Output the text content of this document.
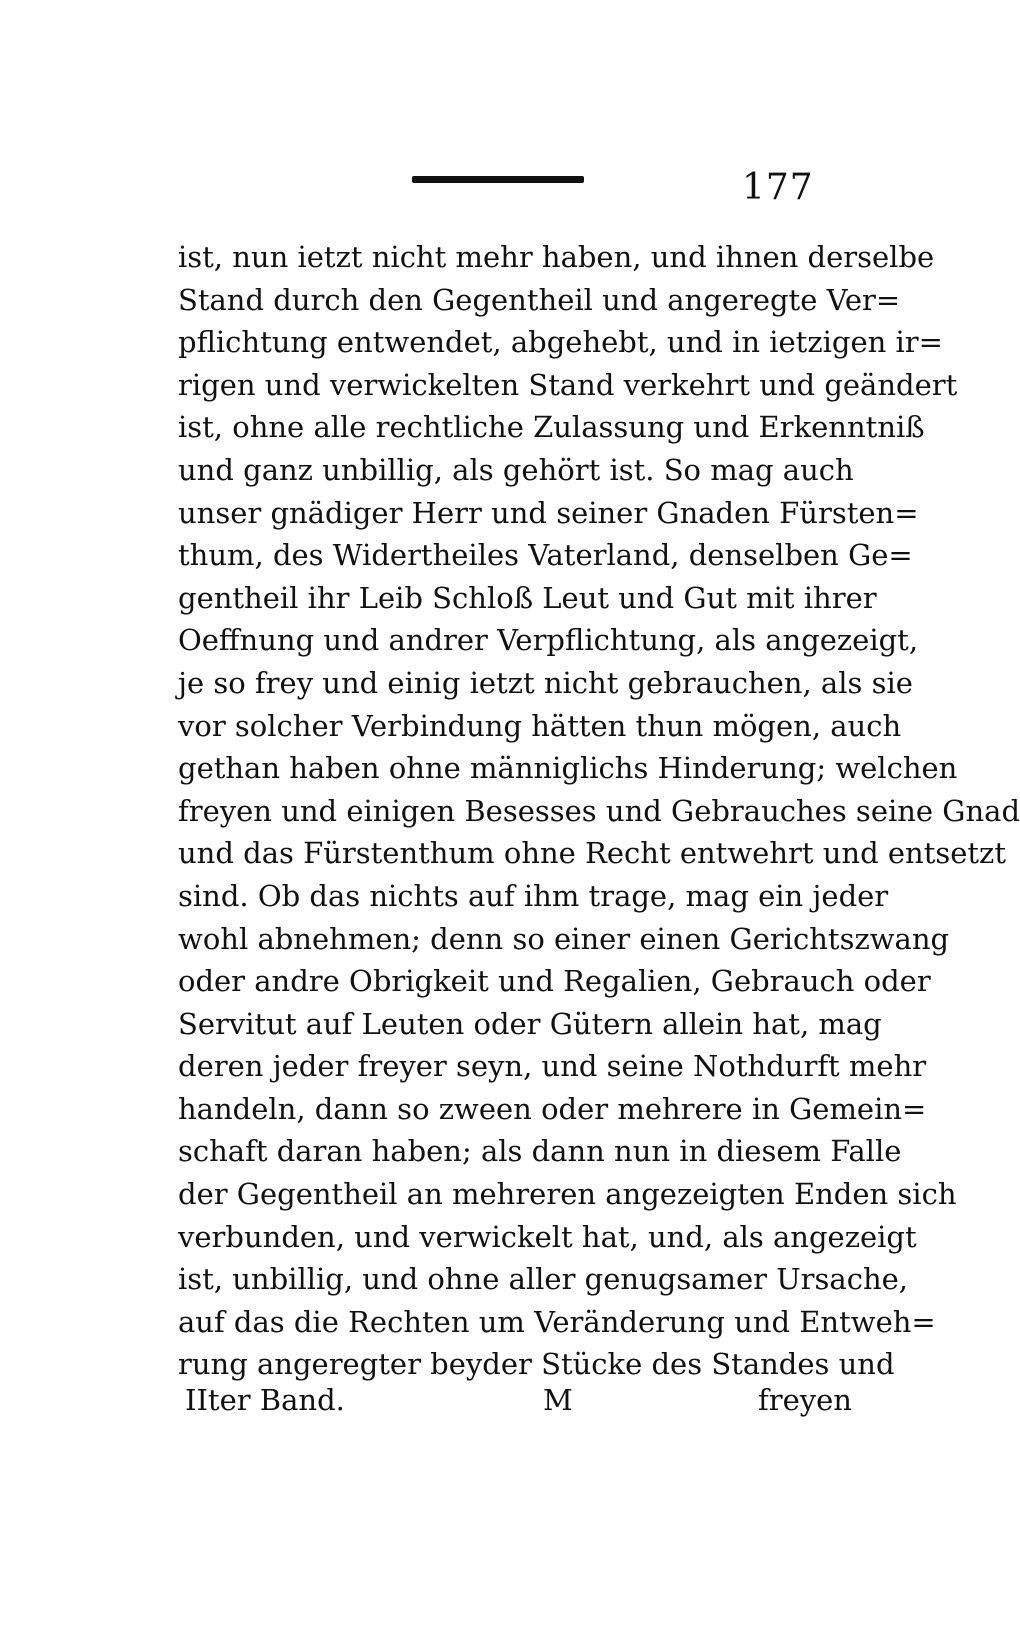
177
ist, nun ietzt nicht mehr haben, und ihnen derselbe
Stand durch den Gegentheil und angeregte Ver=
pflichtung entwendet, abgehebt, und in ietzigen ir=
rigen und verwickelten Stand verkehrt und geändert
ist, ohne alle rechtliche Zulassung und Erkenntniß
und ganz unbillig, als gehört ist. So mag auch
unser gnädiger Herr und seiner Gnaden Fürsten=
thum, des Widertheiles Vaterland, denselben Ge=
gentheil ihr Leib Schloß Leut und Gut mit ihrer
Oeffnung und andrer Verpflichtung, als angezeigt,
je so frey und einig ietzt nicht gebrauchen, als sie
vor solcher Verbindung hätten thun mögen, auch
gethan haben ohne männiglichs Hinderung; welchen
freyen und einigen Besesses und Gebrauches seine Gnad
und das Fürstenthum ohne Recht entwehrt und entsetzt
sind. Ob das nichts auf ihm trage, mag ein jeder
wohl abnehmen; denn so einer einen Gerichtszwang
oder andre Obrigkeit und Regalien, Gebrauch oder
Servitut auf Leuten oder Gütern allein hat, mag
deren jeder freyer seyn, und seine Nothdurft mehr
handeln, dann so zween oder mehrere in Gemein=
schaft daran haben; als dann nun in diesem Falle
der Gegentheil an mehreren angezeigten Enden sich
verbunden, und verwickelt hat, und, als angezeigt
ist, unbillig, und ohne aller genugsamer Ursache,
auf das die Rechten um Veränderung und Entweh=
rung angeregter beyder Stücke des Standes und
IIter Band.	M	freyen
